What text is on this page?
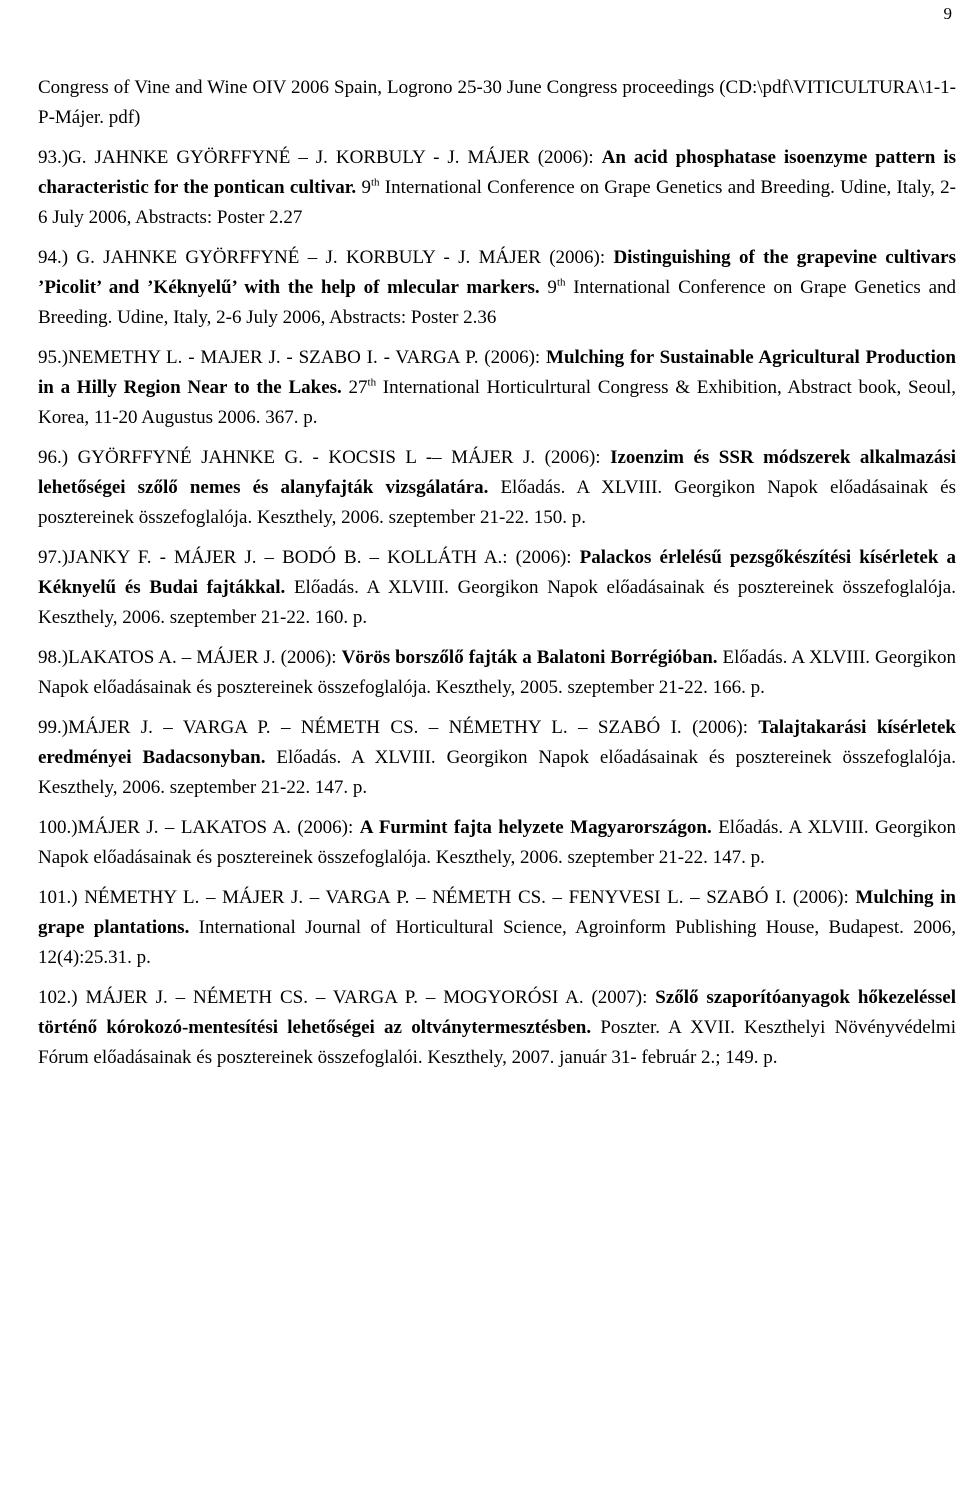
9

Congress of Vine and Wine OIV 2006 Spain, Logrono 25-30 June Congress proceedings (CD:\pdf\VITICULTURA\1-1-P-Májer. pdf)

93.)G. JAHNKE GYÖRFFYNÉ – J. KORBULY - J. MÁJER (2006): An acid phosphatase isoenzyme pattern is characteristic for the pontican cultivar. 9th International Conference on Grape Genetics and Breeding. Udine, Italy, 2-6 July 2006, Abstracts: Poster 2.27

94.) G. JAHNKE GYÖRFFYNÉ – J. KORBULY - J. MÁJER (2006): Distinguishing of the grapevine cultivars ’Picolit’ and ’Kéknyelű’ with the help of mlecular markers. 9th International Conference on Grape Genetics and Breeding. Udine, Italy, 2-6 July 2006, Abstracts: Poster 2.36

95.)NEMETHY L. - MAJER J. - SZABO I. - VARGA P. (2006): Mulching for Sustainable Agricultural Production in a Hilly Region Near to the Lakes. 27th International Horticulrtural Congress & Exhibition, Abstract book, Seoul, Korea, 11-20 Augustus 2006. 367. p.

96.) GYÖRFFYNÉ JAHNKE G. - KOCSIS L -– MÁJER J. (2006): Izoenzim és SSR módszerek alkalmazási lehetőségei szőlő nemes és alanyfajták vizsgálatára. Előadás. A XLVIII. Georgikon Napok előadásainak és posztereinek összefoglalója. Keszthely, 2006. szeptember 21-22. 150. p.

97.)JANKY F. - MÁJER J. – BODÓ B. – KOLLÁTH A.: (2006): Palackos érlelésű pezsgőkészítési kísérletek a Kéknyelű és Budai fajtákkal. Előadás. A XLVIII. Georgikon Napok előadásainak és posztereinek összefoglalója. Keszthely, 2006. szeptember 21-22. 160. p.

98.)LAKATOS A. – MÁJER J. (2006): Vörös borszőlő fajták a Balatoni Borrégióban. Előadás. A XLVIII. Georgikon Napok előadásainak és posztereinek összefoglalója. Keszthely, 2005. szeptember 21-22. 166. p.

99.)MÁJER J. – VARGA P. – NÉMETH CS. – NÉMETHY L. – SZABÓ I. (2006): Talajtakarási kísérletek eredményei Badacsonyban. Előadás. A XLVIII. Georgikon Napok előadásainak és posztereinek összefoglalója. Keszthely, 2006. szeptember 21-22. 147. p.

100.)MÁJER J. – LAKATOS A. (2006): A Furmint fajta helyzete Magyarországon. Előadás. A XLVIII. Georgikon Napok előadásainak és posztereinek összefoglalója. Keszthely, 2006. szeptember 21-22. 147. p.

101.) NÉMETHY L. – MÁJER J. – VARGA P. – NÉMETH CS. – FENYVESI L. – SZABÓ I. (2006): Mulching in grape plantations. International Journal of Horticultural Science, Agroinform Publishing House, Budapest. 2006, 12(4):25.31. p.

102.) MÁJER J. – NÉMETH CS. – VARGA P. – MOGYORÓSI A. (2007): Szőlő szaporítóanyagok hőkezeléssel történő kórokozó-mentesítési lehetőségei az oltványtermesztésben. Poszter. A XVII. Keszthelyi Növényvédelmi Fórum előadásainak és posztereinek összefoglalói. Keszthely, 2007. január 31- február 2.; 149. p.
